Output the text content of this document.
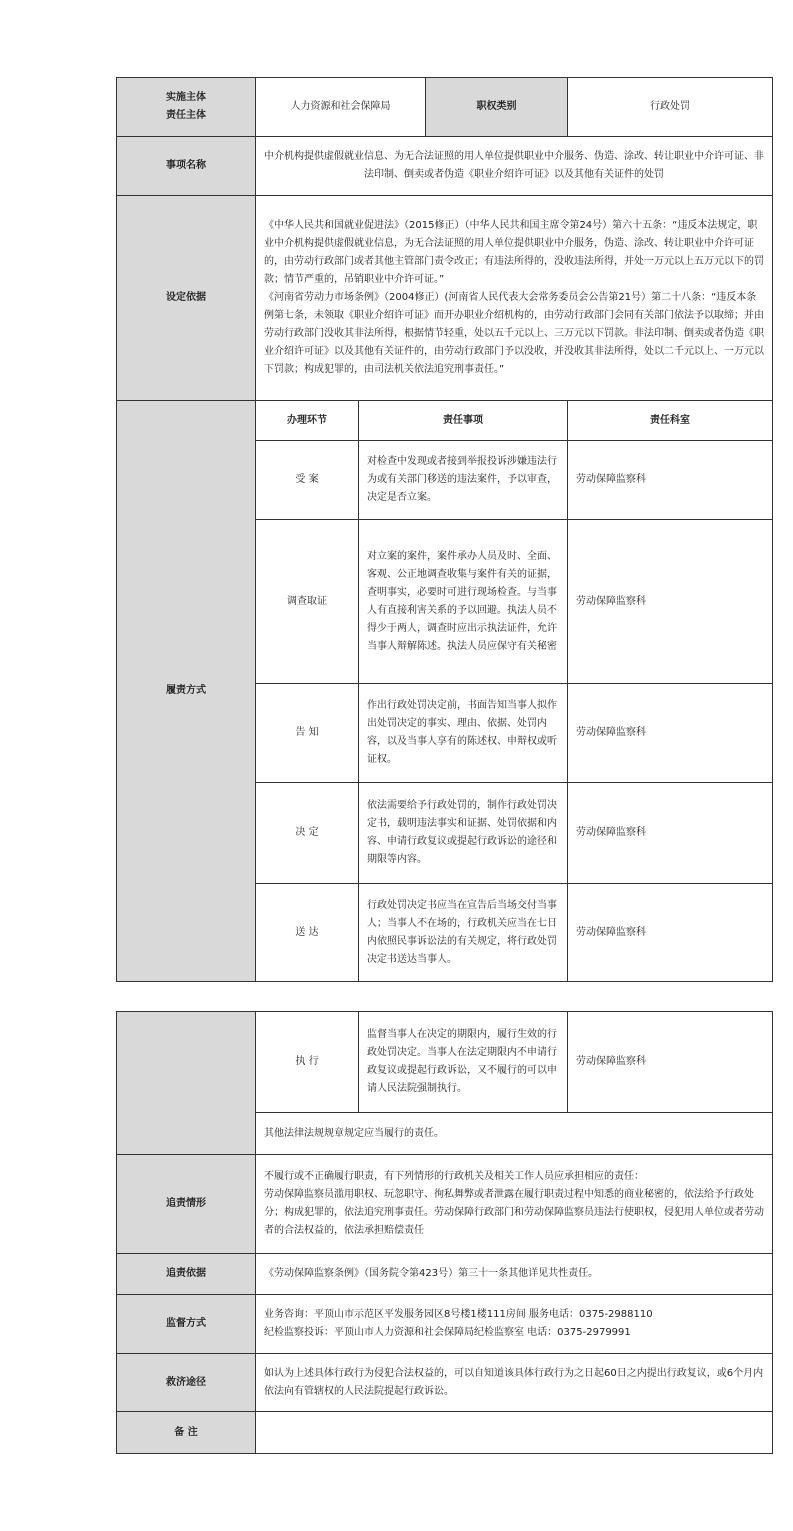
实施主体
责任主体	人力资源和社会保障局		职权类别	行政处罚
事项名称	中介机构提供虚假就业信息、为无合法证照的用人单位提供职业中介服务、伪造、涂改、转让职业中介许可证、非法印制、倒卖或者伪造《职业介绍许可证》以及其他有关证件的处罚			
设定依据	《中华人民共和国就业促进法》（2015修正）（中华人民共和国主席令第24号）第六十五条：“违反本法规定，职业中介机构提供虚假就业信息，为无合法证照的用人单位提供职业中介服务，伪造、涂改、转让职业中介许可证的，由劳动行政部门或者其他主管部门责令改正；有违法所得的，没收违法所得，并处一万元以上五万元以下的罚款；情节严重的，吊销职业中介许可证。”
《河南省劳动力市场条例》（2004修正）(河南省人民代表大会常务委员会公告第21号）第二十八条：“违反本条例第七条，未领取《职业介绍许可证》而开办职业介绍机构的，由劳动行政部门会同有关部门依法予以取缔；并由劳动行政部门没收其非法所得，根据情节轻重，处以五千元以上、三万元以下罚款。非法印制、倒卖或者伪造《职业介绍许可证》以及其他有关证件的，由劳动行政部门予以没收，并没收其非法所得，处以二千元以上、一万元以下罚款；构成犯罪的，由司法机关依法追究刑事责任。”			

履责方式	办理环节	责任事项		责任科室
	受 案	对检查中发现或者接到举报投诉涉嫌违法行为或有关部门移送的违法案件，予以审查，决定是否立案。		劳动保障监察科
	调查取证	对立案的案件，案件承办人员及时、全面、客观、公正地调查收集与案件有关的证据，查明事实，必要时可进行现场检查。与当事人有直接利害关系的予以回避。执法人员不得少于两人，调查时应出示执法证件，允许当事人辩解陈述。执法人员应保守有关秘密		劳动保障监察科
	告 知	作出行政处罚决定前，书面告知当事人拟作出处罚决定的事实、理由、依据、处罚内容，以及当事人享有的陈述权、申辩权或听证权。		劳动保障监察科
	决 定	依法需要给予行政处罚的，制作行政处罚决定书，载明违法事实和证据、处罚依据和内容、申请行政复议或提起行政诉讼的途径和期限等内容。		劳动保障监察科
	送 达	行政处罚决定书应当在宣告后当场交付当事人；当事人不在场的，行政机关应当在七日内依照民事诉讼法的有关规定，将行政处罚决定书送达当事人。		劳动保障监察科
	执 行	监督当事人在决定的期限内，履行生效的行政处罚决定。当事人在法定期限内不申请行政复议或提起行政诉讼，又不履行的可以申请人民法院强制执行。	劳动保障监察科
	其他法律法规规章规定应当履行的责任。		
追责情形	不履行或不正确履行职责，有下列情形的行政机关及相关工作人员应承担相应的责任：
劳动保障监察员滥用职权、玩忽职守、徇私舞弊或者泄露在履行职责过程中知悉的商业秘密的，依法给予行政处分；构成犯罪的，依法追究刑事责任。劳动保障行政部门和劳动保障监察员违法行使职权，侵犯用人单位或者劳动者的合法权益的，依法承担赔偿责任		

追责依据	《劳动保障监察条例》（国务院令第423号）第三十一条其他详见共性责任。		
监督方式	业务咨询：平顶山市示范区平发服务园区8号楼1楼111房间 服务电话：0375-2988110
纪检监察投诉：平顶山市人力资源和社会保障局纪检监察室 电话：0375-2979991		

救济途径	如认为上述具体行政行为侵犯合法权益的，可以自知道该具体行政行为之日起60日之内提出行政复议，或6个月内依法向有管辖权的人民法院提起行政诉讼。		
备 注			
